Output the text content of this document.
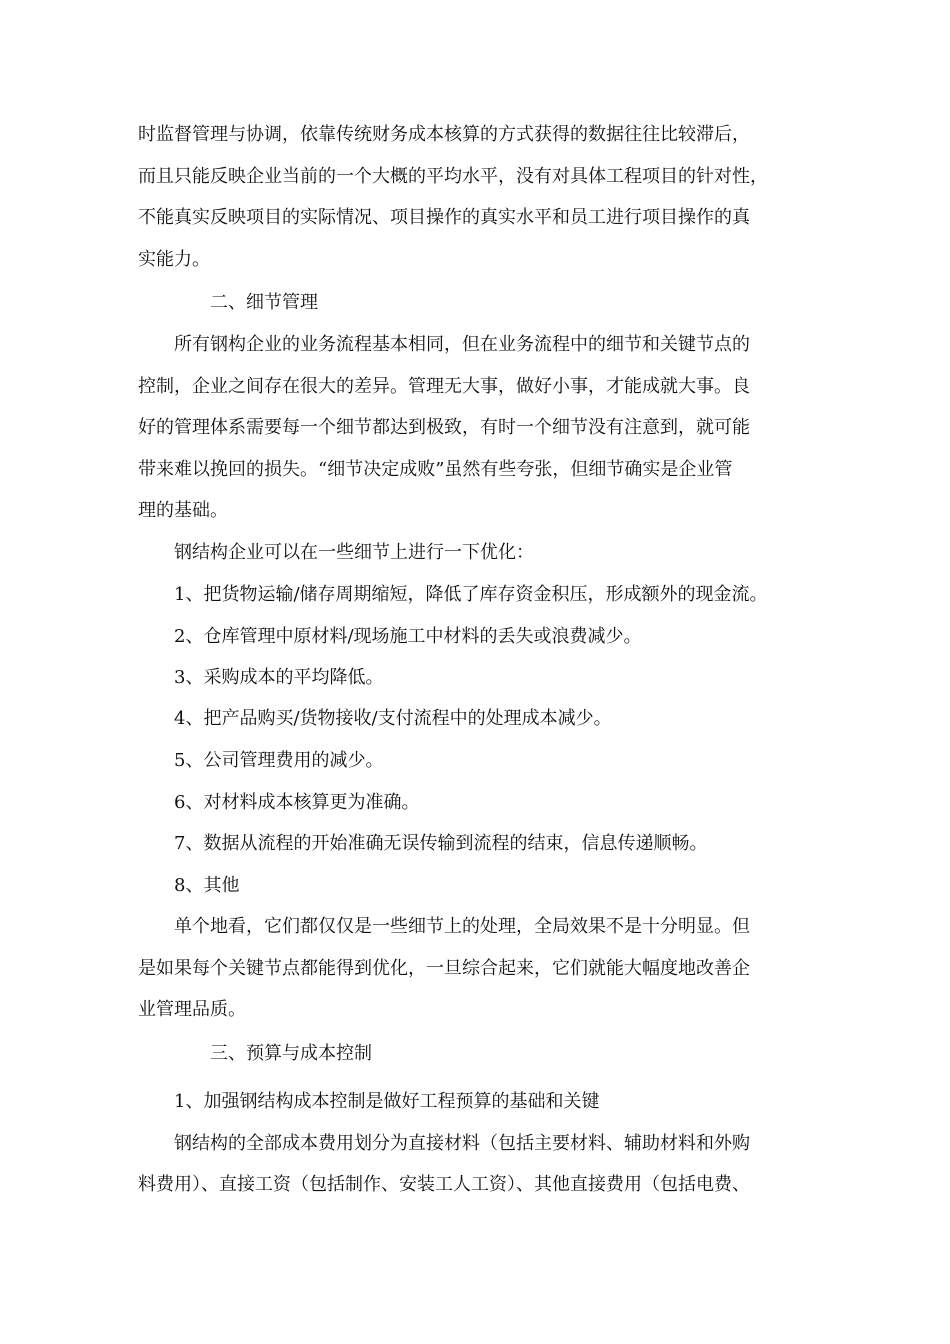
时监督管理与协调，依靠传统财务成本核算的方式获得的数据往往比较滞后，
而且只能反映企业当前的一个大概的平均水平，没有对具体工程项目的针对性，
不能真实反映项目的实际情况、项目操作的真实水平和员工进行项目操作的真
实能力。
二、细节管理
所有钢构企业的业务流程基本相同，但在业务流程中的细节和关键节点的
控制，企业之间存在很大的差异。管理无大事，做好小事，才能成就大事。良
好的管理体系需要每一个细节都达到极致，有时一个细节没有注意到，就可能
带来难以挽回的损失。“细节决定成败”虽然有些夸张，但细节确实是企业管
理的基础。
钢结构企业可以在一些细节上进行一下优化：
1、把货物运输/储存周期缩短，降低了库存资金积压，形成额外的现金流。
2、仓库管理中原材料/现场施工中材料的丢失或浪费减少。
3、采购成本的平均降低。
4、把产品购买/货物接收/支付流程中的处理成本减少。
5、公司管理费用的减少。
6、对材料成本核算更为准确。
7、数据从流程的开始准确无误传输到流程的结束，信息传递顺畅。
8、其他
单个地看，它们都仅仅是一些细节上的处理，全局效果不是十分明显。但
是如果每个关键节点都能得到优化，一旦综合起来，它们就能大幅度地改善企
业管理品质。
三、预算与成本控制
1、加强钢结构成本控制是做好工程预算的基础和关键
钢结构的全部成本费用划分为直接材料（包括主要材料、辅助材料和外购
料费用）、直接工资（包括制作、安装工人工资）、其他直接费用（包括电费、
